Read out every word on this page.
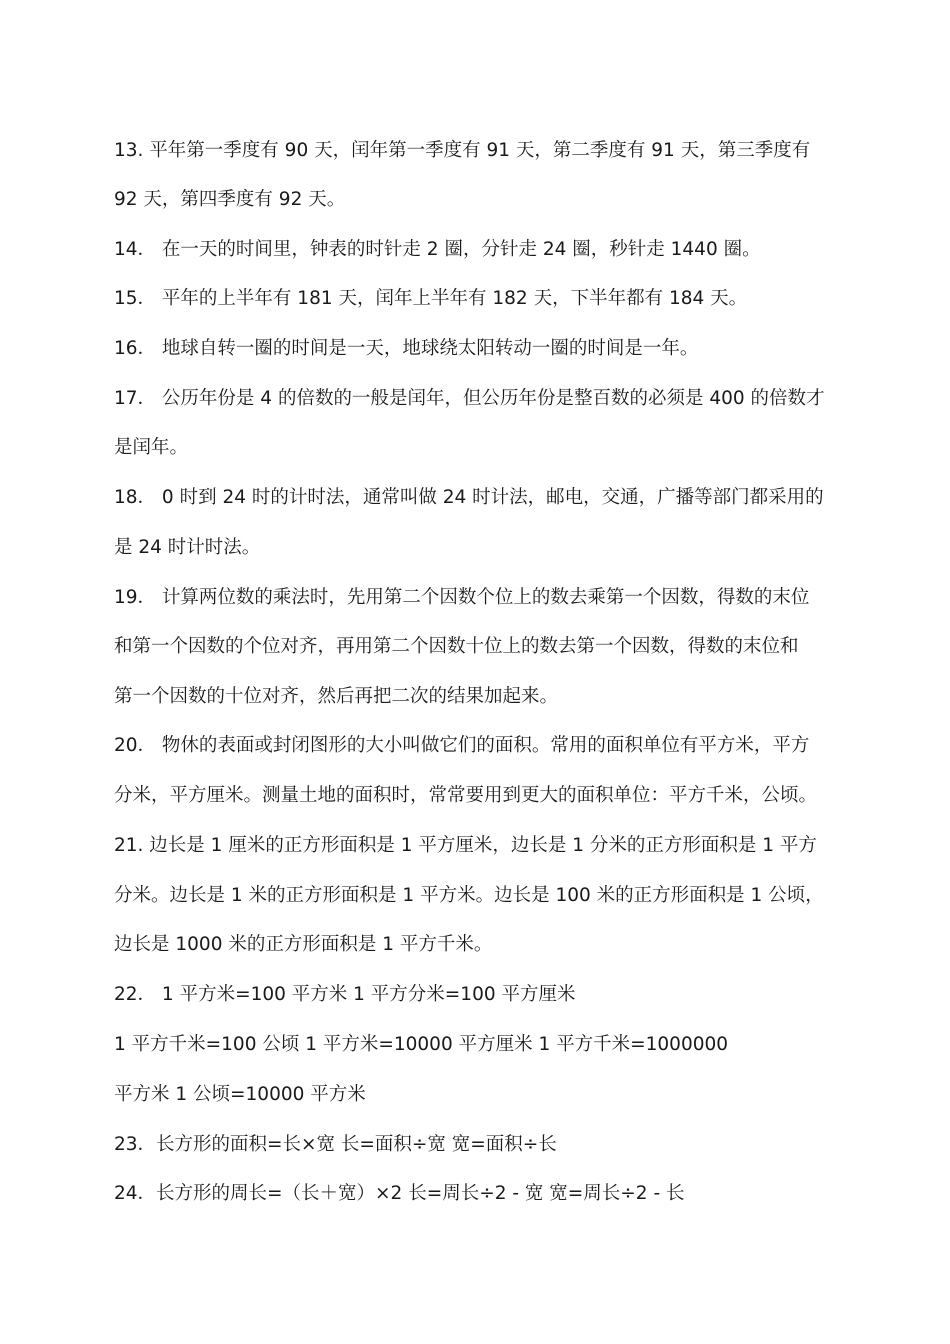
13. 平年第一季度有 90 天，闰年第一季度有 91 天，第二季度有 91 天，第三季度有
92 天，第四季度有 92 天。
14． 在一天的时间里，钟表的时针走 2 圈，分针走 24 圈，秒针走 1440 圈。
15． 平年的上半年有 181 天，闰年上半年有 182 天，下半年都有 184 天。
16． 地球自转一圈的时间是一天，地球绕太阳转动一圈的时间是一年。
17． 公历年份是 4 的倍数的一般是闰年，但公历年份是整百数的必须是 400 的倍数才
是闰年。
18． 0 时到 24 时的计时法，通常叫做 24 时计法，邮电，交通，广播等部门都采用的
是 24 时计时法。
19． 计算两位数的乘法时，先用第二个因数个位上的数去乘第一个因数，得数的末位
和第一个因数的个位对齐，再用第二个因数十位上的数去第一个因数，得数的末位和
第一个因数的十位对齐，然后再把二次的结果加起来。
20． 物休的表面或封闭图形的大小叫做它们的面积。常用的面积单位有平方米，平方
分米，平方厘米。测量土地的面积时，常常要用到更大的面积单位：平方千米，公顷。
21. 边长是 1 厘米的正方形面积是 1 平方厘米，边长是 1 分米的正方形面积是 1 平方
分米。边长是 1 米的正方形面积是 1 平方米。边长是 100 米的正方形面积是 1 公顷，
边长是 1000 米的正方形面积是 1 平方千米。
22． 1 平方米=100 平方米 1 平方分米=100 平方厘米
1 平方千米=100 公顷 1 平方米=10000 平方厘米 1 平方千米=1000000
平方米 1 公顷=10000 平方米
23．长方形的面积=长×宽 长=面积÷宽 宽=面积÷长
24．长方形的周长=（长＋宽）×2 长=周长÷2 - 宽 宽=周长÷2 - 长
